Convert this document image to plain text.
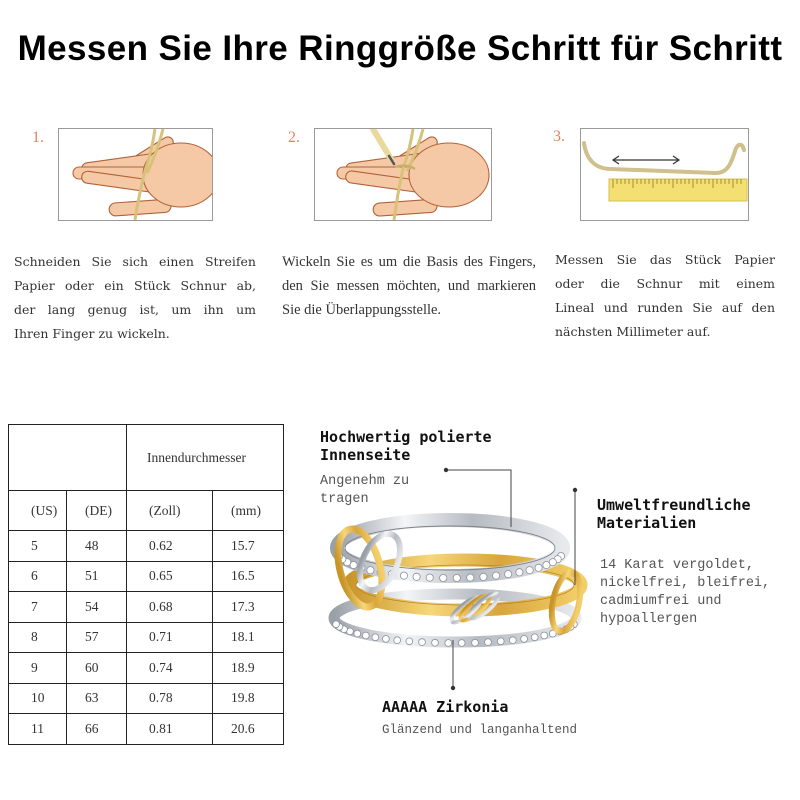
Messen Sie Ihre Ringgröße Schritt für Schritt
1.
Schneiden Sie sich einen Streifen
Papier oder ein Stück Schnur ab,
der lang genug ist, um ihn um
Ihren Finger zu wickeln.
2.
Wickeln Sie es um die Basis des Fingers,
den Sie messen möchten, und markieren
Sie die Überlappungsstelle.
3.
Messen Sie das Stück Papier
oder die Schnur mit einem
Lineal und runden Sie auf den
nächsten Millimeter auf.
		Innendurchmesser	
(US)	(DE)	(Zoll)	(mm)
5	48	0.62	15.7
6	51	0.65	16.5
7	54	0.68	17.3
8	57	0.71	18.1
9	60	0.74	18.9
10	63	0.78	19.8
11	66	0.81	20.6
Hochwertig polierte
Innenseite
Angenehm zu
tragen	Umweltfreundliche
Materialien
14 Karat vergoldet,
nickelfrei, bleifrei,
cadmiumfrei und
hypoallergen
AAAAA Zirkonia
Glänzend und langanhaltend
